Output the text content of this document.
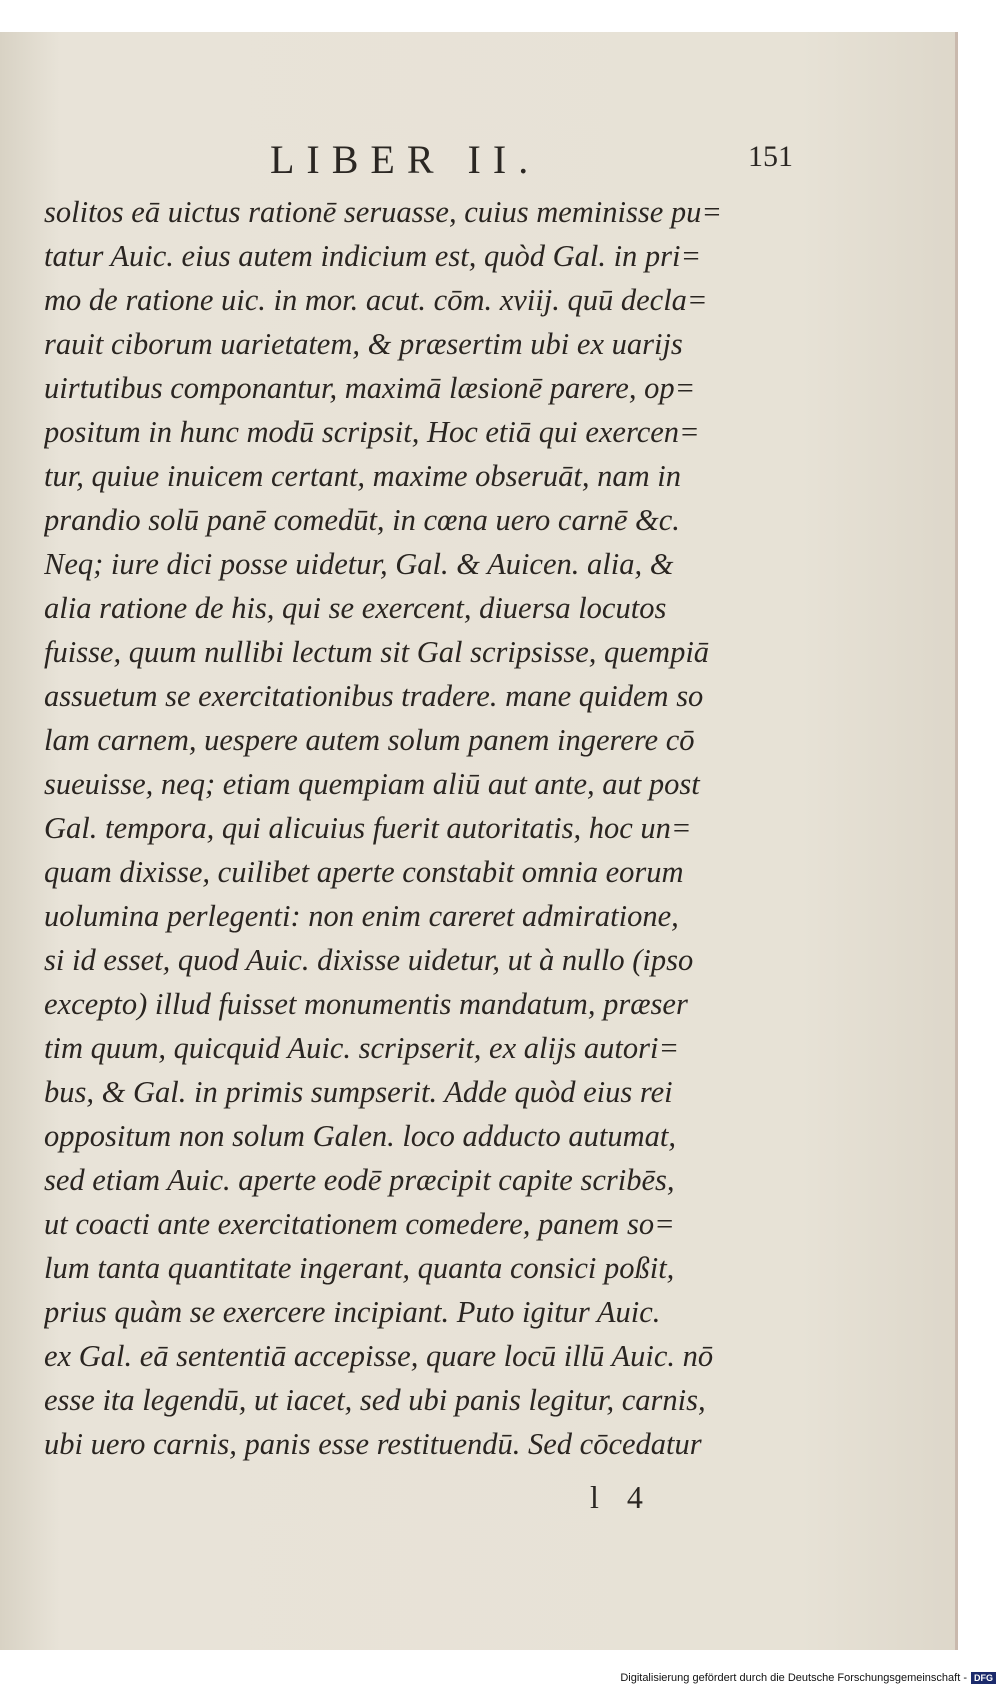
LIBER II.	151
solitos eā uictus rationē seruasse, cuius meminisse pu=
tatur Auic. eius autem indicium est, quòd Gal. in pri=
mo de ratione uic. in mor. acut. cōm. xviij. quū decla=
rauit ciborum uarietatem, & præsertim ubi ex uarijs
uirtutibus componantur, maximā læsionē parere, op=
positum in hunc modū scripsit, Hoc etiā qui exercen=
tur, quiue inuicem certant, maxime obseruāt, nam in
prandio solū panē comedūt, in cœna uero carnē &c.
Neq; iure dici posse uidetur, Gal. & Auicen. alia, &
alia ratione de his, qui se exercent, diuersa locutos
fuisse, quum nullibi lectum sit Gal scripsisse, quempiā
assuetum se exercitationibus tradere. mane quidem so
lam carnem, uespere autem solum panem ingerere cō
sueuisse, neq; etiam quempiam aliū aut ante, aut post
Gal. tempora, qui alicuius fuerit autoritatis, hoc un=
quam dixisse, cuilibet aperte constabit omnia eorum
uolumina perlegenti: non enim careret admiratione,
si id esset, quod Auic. dixisse uidetur, ut à nullo (ipso
excepto) illud fuisset monumentis mandatum, præser
tim quum, quicquid Auic. scripserit, ex alijs autori=
bus, & Gal. in primis sumpserit. Adde quòd eius rei
oppositum non solum Galen. loco adducto autumat,
sed etiam Auic. aperte eodē præcipit capite scribēs,
ut coacti ante exercitationem comedere, panem so=
lum tanta quantitate ingerant, quanta consici poßit,
prius quàm se exercere incipiant. Puto igitur Auic.
ex Gal. eā sententiā accepisse, quare locū illū Auic. nō
esse ita legendū, ut iacet, sed ubi panis legitur, carnis,
ubi uero carnis, panis esse restituendū. Sed cōcedatur
l 4
Digitalisierung gefördert durch die Deutsche Forschungsgemeinschaft - DFG
